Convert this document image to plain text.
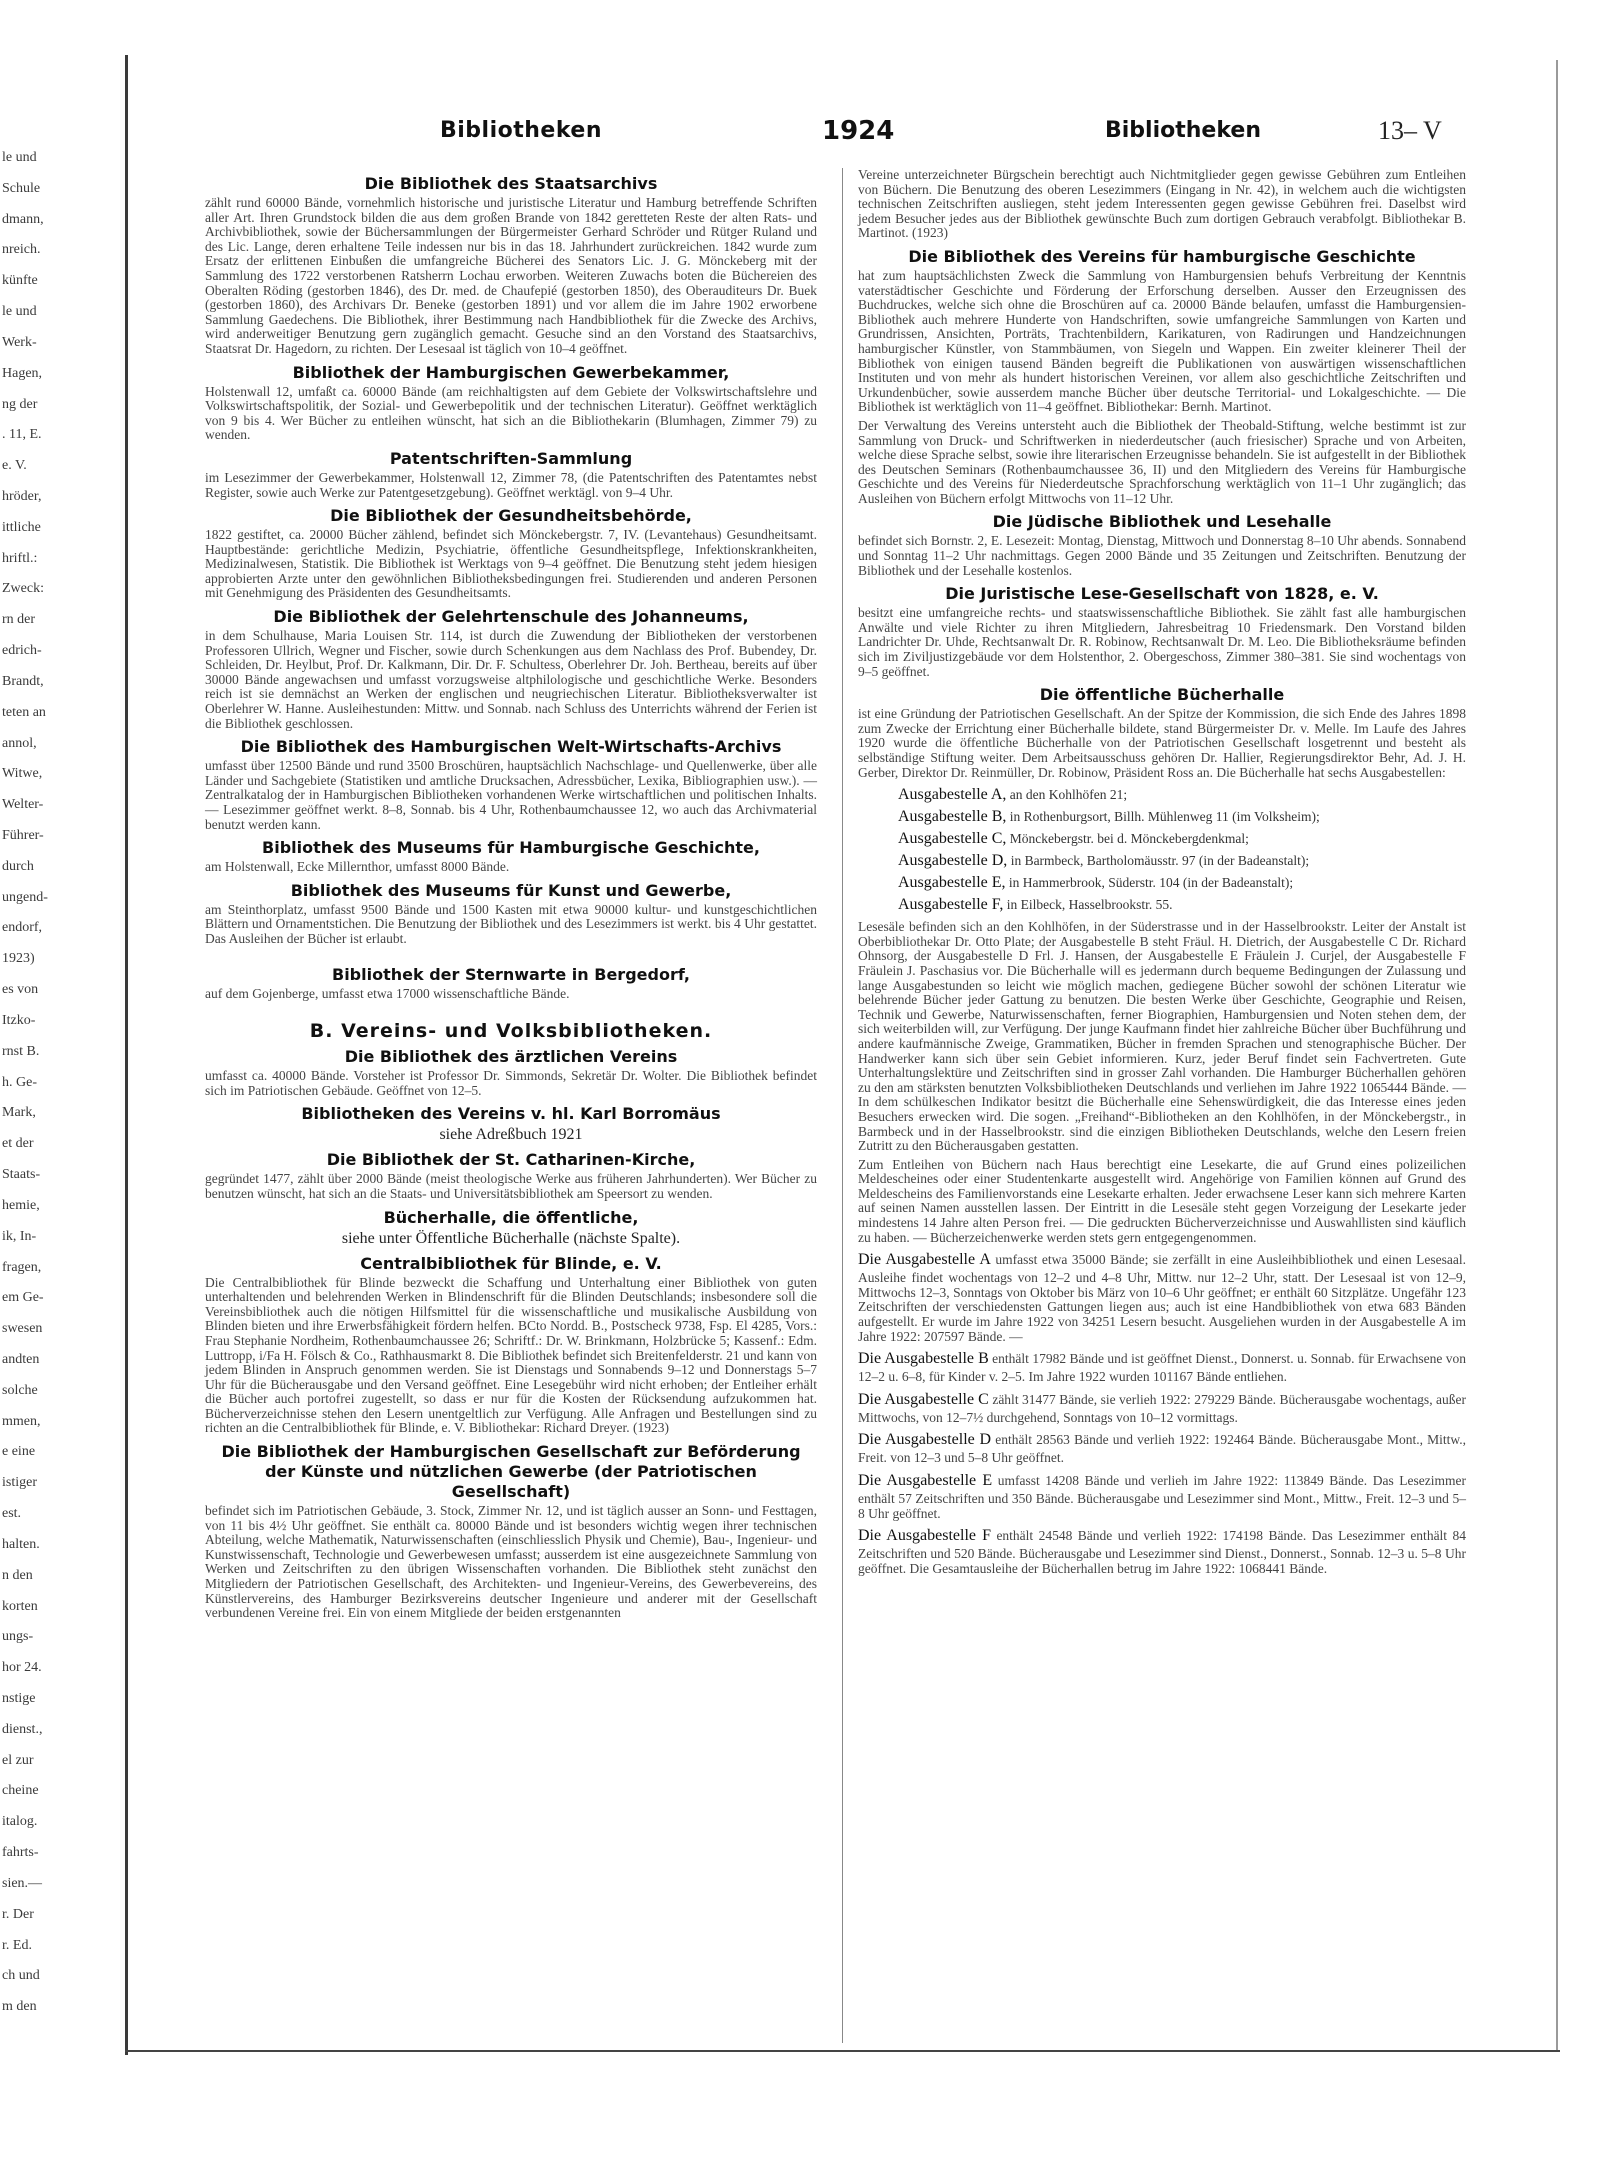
le und
Schule
dmann,
nreich.
künfte
le und
Werk-
Hagen,
ng der
. 11, E.
e. V.
hröder,
ittliche
hriftl.:
Zweck:
rn der
edrich-
Brandt,
teten an
annol,
Witwe,
Welter-
Führer-
durch
ungend-
endorf,
1923)
es von
Itzko-
rnst B.
h. Ge-
Mark,
et der
Staats-
hemie,
ik, In-
fragen,
em Ge-
swesen
andten
solche
mmen,
e eine
istiger
est.
halten.
n den
korten
ungs-
hor 24.
nstige
dienst.,
el zur
cheine
italog.
fahrts-
sien.—
r. Der
r. Ed.
ch und
m den
Bibliotheken	1924	Bibliotheken	13– V
Die Bibliothek des Staatsarchivs
zählt rund 60000 Bände, vornehmlich historische und juristische Literatur und Hamburg betreffende Schriften aller Art. Ihren Grundstock bilden die aus dem großen Brande von 1842 geretteten Reste der alten Rats- und Archivbibliothek, sowie der Büchersammlungen der Bürgermeister Gerhard Schröder und Rütger Ruland und des Lic. Lange, deren erhaltene Teile indessen nur bis in das 18. Jahrhundert zurückreichen. 1842 wurde zum Ersatz der erlittenen Einbußen die umfangreiche Bücherei des Senators Lic. J. G. Mönckeberg mit der Sammlung des 1722 verstorbenen Ratsherrn Lochau erworben. Weiteren Zuwachs boten die Büchereien des Oberalten Röding (gestorben 1846), des Dr. med. de Chaufepié (gestorben 1850), des Oberauditeurs Dr. Buek (gestorben 1860), des Archivars Dr. Beneke (gestorben 1891) und vor allem die im Jahre 1902 erworbene Sammlung Gaedechens. Die Bibliothek, ihrer Bestimmung nach Handbibliothek für die Zwecke des Archivs, wird anderweitiger Benutzung gern zugänglich gemacht. Gesuche sind an den Vorstand des Staatsarchivs, Staatsrat Dr. Hagedorn, zu richten. Der Lesesaal ist täglich von 10–4 geöffnet.
Bibliothek der Hamburgischen Gewerbekammer,
Holstenwall 12, umfaßt ca. 60000 Bände (am reichhaltigsten auf dem Gebiete der Volkswirtschaftslehre und Volkswirtschaftspolitik, der Sozial- und Gewerbepolitik und der technischen Literatur). Geöffnet werktäglich von 9 bis 4. Wer Bücher zu entleihen wünscht, hat sich an die Bibliothekarin (Blumhagen, Zimmer 79) zu wenden.
Patentschriften-Sammlung
im Lesezimmer der Gewerbekammer, Holstenwall 12, Zimmer 78, (die Patentschriften des Patentamtes nebst Register, sowie auch Werke zur Patentgesetzgebung). Geöffnet werktägl. von 9–4 Uhr.
Die Bibliothek der Gesundheitsbehörde,
1822 gestiftet, ca. 20000 Bücher zählend, befindet sich Mönckebergstr. 7, IV. (Levantehaus) Gesundheitsamt. Hauptbestände: gerichtliche Medizin, Psychiatrie, öffentliche Gesundheitspflege, Infektionskrankheiten, Medizinalwesen, Statistik. Die Bibliothek ist Werktags von 9–4 geöffnet. Die Benutzung steht jedem hiesigen approbierten Arzte unter den gewöhnlichen Bibliotheksbedingungen frei. Studierenden und anderen Personen mit Genehmigung des Präsidenten des Gesundheitsamts.
Die Bibliothek der Gelehrtenschule des Johanneums,
in dem Schulhause, Maria Louisen Str. 114, ist durch die Zuwendung der Bibliotheken der verstorbenen Professoren Ullrich, Wegner und Fischer, sowie durch Schenkungen aus dem Nachlass des Prof. Bubendey, Dr. Schleiden, Dr. Heylbut, Prof. Dr. Kalkmann, Dir. Dr. F. Schultess, Oberlehrer Dr. Joh. Bertheau, bereits auf über 30000 Bände angewachsen und umfasst vorzugsweise altphilologische und geschichtliche Werke. Besonders reich ist sie demnächst an Werken der englischen und neugriechischen Literatur. Bibliotheksverwalter ist Oberlehrer W. Hanne. Ausleihestunden: Mittw. und Sonnab. nach Schluss des Unterrichts während der Ferien ist die Bibliothek geschlossen.
Die Bibliothek des Hamburgischen Welt-Wirtschafts-Archivs
umfasst über 12500 Bände und rund 3500 Broschüren, hauptsächlich Nachschlage- und Quellenwerke, über alle Länder und Sachgebiete (Statistiken und amtliche Drucksachen, Adressbücher, Lexika, Bibliographien usw.). — Zentralkatalog der in Hamburgischen Bibliotheken vorhandenen Werke wirtschaftlichen und politischen Inhalts. — Lesezimmer geöffnet werkt. 8–8, Sonnab. bis 4 Uhr, Rothenbaumchaussee 12, wo auch das Archivmaterial benutzt werden kann.
Bibliothek des Museums für Hamburgische Geschichte,
am Holstenwall, Ecke Millernthor, umfasst 8000 Bände.
Bibliothek des Museums für Kunst und Gewerbe,
am Steinthorplatz, umfasst 9500 Bände und 1500 Kasten mit etwa 90000 kultur- und kunstgeschichtlichen Blättern und Ornamentstichen. Die Benutzung der Bibliothek und des Lesezimmers ist werkt. bis 4 Uhr gestattet. Das Ausleihen der Bücher ist erlaubt.
Bibliothek der Sternwarte in Bergedorf,
auf dem Gojenberge, umfasst etwa 17000 wissenschaftliche Bände.
B. Vereins- und Volksbibliotheken.
Die Bibliothek des ärztlichen Vereins
umfasst ca. 40000 Bände. Vorsteher ist Professor Dr. Simmonds, Sekretär Dr. Wolter. Die Bibliothek befindet sich im Patriotischen Gebäude. Geöffnet von 12–5.
Bibliotheken des Vereins v. hl. Karl Borromäus
siehe Adreßbuch 1921
Die Bibliothek der St. Catharinen-Kirche,
gegründet 1477, zählt über 2000 Bände (meist theologische Werke aus früheren Jahrhunderten). Wer Bücher zu benutzen wünscht, hat sich an die Staats- und Universitätsbibliothek am Speersort zu wenden.
Bücherhalle, die öffentliche,
siehe unter Öffentliche Bücherhalle (nächste Spalte).
Centralbibliothek für Blinde, e. V.
Die Centralbibliothek für Blinde bezweckt die Schaffung und Unterhaltung einer Bibliothek von guten unterhaltenden und belehrenden Werken in Blindenschrift für die Blinden Deutschlands; insbesondere soll die Vereinsbibliothek auch die nötigen Hilfsmittel für die wissenschaftliche und musikalische Ausbildung von Blinden bieten und ihre Erwerbsfähigkeit fördern helfen. BCto Nordd. B., Postscheck 9738, Fsp. El 4285, Vors.: Frau Stephanie Nordheim, Rothenbaumchaussee 26; Schriftf.: Dr. W. Brinkmann, Holzbrücke 5; Kassenf.: Edm. Luttropp, i/Fa H. Fölsch & Co., Rathhausmarkt 8. Die Bibliothek befindet sich Breitenfelderstr. 21 und kann von jedem Blinden in Anspruch genommen werden. Sie ist Dienstags und Sonnabends 9–12 und Donnerstags 5–7 Uhr für die Bücherausgabe und den Versand geöffnet. Eine Lesegebühr wird nicht erhoben; der Entleiher erhält die Bücher auch portofrei zugestellt, so dass er nur für die Kosten der Rücksendung aufzukommen hat. Bücherverzeichnisse stehen den Lesern unentgeltlich zur Verfügung. Alle Anfragen und Bestellungen sind zu richten an die Centralbibliothek für Blinde, e. V. Bibliothekar: Richard Dreyer. (1923)
Die Bibliothek der Hamburgischen Gesellschaft zur Beförderung der Künste und nützlichen Gewerbe (der Patriotischen Gesellschaft)
befindet sich im Patriotischen Gebäude, 3. Stock, Zimmer Nr. 12, und ist täglich ausser an Sonn- und Festtagen, von 11 bis 4½ Uhr geöffnet. Sie enthält ca. 80000 Bände und ist besonders wichtig wegen ihrer technischen Abteilung, welche Mathematik, Naturwissenschaften (einschliesslich Physik und Chemie), Bau-, Ingenieur- und Kunstwissenschaft, Technologie und Gewerbewesen umfasst; ausserdem ist eine ausgezeichnete Sammlung von Werken und Zeitschriften zu den übrigen Wissenschaften vorhanden. Die Bibliothek steht zunächst den Mitgliedern der Patriotischen Gesellschaft, des Architekten- und Ingenieur-Vereins, des Gewerbevereins, des Künstlervereins, des Hamburger Bezirksvereins deutscher Ingenieure und anderer mit der Gesellschaft verbundenen Vereine frei. Ein von einem Mitgliede der beiden erstgenannten
Vereine unterzeichneter Bürgschein berechtigt auch Nichtmitglieder gegen gewisse Gebühren zum Entleihen von Büchern. Die Benutzung des oberen Lesezimmers (Eingang in Nr. 42), in welchem auch die wichtigsten technischen Zeitschriften ausliegen, steht jedem Interessenten gegen gewisse Gebühren frei. Daselbst wird jedem Besucher jedes aus der Bibliothek gewünschte Buch zum dortigen Gebrauch verabfolgt. Bibliothekar B. Martinot. (1923)
Die Bibliothek des Vereins für hamburgische Geschichte
hat zum hauptsächlichsten Zweck die Sammlung von Hamburgensien behufs Verbreitung der Kenntnis vaterstädtischer Geschichte und Förderung der Erforschung derselben. Ausser den Erzeugnissen des Buchdruckes, welche sich ohne die Broschüren auf ca. 20000 Bände belaufen, umfasst die Hamburgensien-Bibliothek auch mehrere Hunderte von Handschriften, sowie umfangreiche Sammlungen von Karten und Grundrissen, Ansichten, Porträts, Trachtenbildern, Karikaturen, von Radirungen und Handzeichnungen hamburgischer Künstler, von Stammbäumen, von Siegeln und Wappen. Ein zweiter kleinerer Theil der Bibliothek von einigen tausend Bänden begreift die Publikationen von auswärtigen wissenschaftlichen Instituten und von mehr als hundert historischen Vereinen, vor allem also geschichtliche Zeitschriften und Urkundenbücher, sowie ausserdem manche Bücher über deutsche Territorial- und Lokalgeschichte. — Die Bibliothek ist werktäglich von 11–4 geöffnet. Bibliothekar: Bernh. Martinot.
Der Verwaltung des Vereins untersteht auch die Bibliothek der Theobald-Stiftung, welche bestimmt ist zur Sammlung von Druck- und Schriftwerken in niederdeutscher (auch friesischer) Sprache und von Arbeiten, welche diese Sprache selbst, sowie ihre literarischen Erzeugnisse behandeln. Sie ist aufgestellt in der Bibliothek des Deutschen Seminars (Rothenbaumchaussee 36, II) und den Mitgliedern des Vereins für Hamburgische Geschichte und des Vereins für Niederdeutsche Sprachforschung werktäglich von 11–1 Uhr zugänglich; das Ausleihen von Büchern erfolgt Mittwochs von 11–12 Uhr.
Die Jüdische Bibliothek und Lesehalle
befindet sich Bornstr. 2, E. Lesezeit: Montag, Dienstag, Mittwoch und Donnerstag 8–10 Uhr abends. Sonnabend und Sonntag 11–2 Uhr nachmittags. Gegen 2000 Bände und 35 Zeitungen und Zeitschriften. Benutzung der Bibliothek und der Lesehalle kostenlos.
Die Juristische Lese-Gesellschaft von 1828, e. V.
besitzt eine umfangreiche rechts- und staatswissenschaftliche Bibliothek. Sie zählt fast alle hamburgischen Anwälte und viele Richter zu ihren Mitgliedern, Jahresbeitrag 10 Friedensmark. Den Vorstand bilden Landrichter Dr. Uhde, Rechtsanwalt Dr. R. Robinow, Rechtsanwalt Dr. M. Leo. Die Bibliotheksräume befinden sich im Ziviljustizgebäude vor dem Holstenthor, 2. Obergeschoss, Zimmer 380–381. Sie sind wochentags von 9–5 geöffnet.
Die öffentliche Bücherhalle
ist eine Gründung der Patriotischen Gesellschaft. An der Spitze der Kommission, die sich Ende des Jahres 1898 zum Zwecke der Errichtung einer Bücherhalle bildete, stand Bürgermeister Dr. v. Melle. Im Laufe des Jahres 1920 wurde die öffentliche Bücherhalle von der Patriotischen Gesellschaft losgetrennt und besteht als selbständige Stiftung weiter. Dem Arbeitsausschuss gehören Dr. Hallier, Regierungsdirektor Behr, Ad. J. H. Gerber, Direktor Dr. Reinmüller, Dr. Robinow, Präsident Ross an. Die Bücherhalle hat sechs Ausgabestellen:
Ausgabestelle A, an den Kohlhöfen 21;
Ausgabestelle B, in Rothenburgsort, Billh. Mühlenweg 11 (im Volksheim);
Ausgabestelle C, Mönckebergstr. bei d. Mönckebergdenkmal;
Ausgabestelle D, in Barmbeck, Bartholomäusstr. 97 (in der Badeanstalt);
Ausgabestelle E, in Hammerbrook, Süderstr. 104 (in der Badeanstalt);
Ausgabestelle F, in Eilbeck, Hasselbrookstr. 55.
Lesesäle befinden sich an den Kohlhöfen, in der Süderstrasse und in der Hasselbrookstr. Leiter der Anstalt ist Oberbibliothekar Dr. Otto Plate; der Ausgabestelle B steht Fräul. H. Dietrich, der Ausgabestelle C Dr. Richard Ohnsorg, der Ausgabestelle D Frl. J. Hansen, der Ausgabestelle E Fräulein J. Curjel, der Ausgabestelle F Fräulein J. Paschasius vor. Die Bücherhalle will es jedermann durch bequeme Bedingungen der Zulassung und lange Ausgabestunden so leicht wie möglich machen, gediegene Bücher sowohl der schönen Literatur wie belehrende Bücher jeder Gattung zu benutzen. Die besten Werke über Geschichte, Geographie und Reisen, Technik und Gewerbe, Naturwissenschaften, ferner Biographien, Hamburgensien und Noten stehen dem, der sich weiterbilden will, zur Verfügung. Der junge Kaufmann findet hier zahlreiche Bücher über Buchführung und andere kaufmännische Zweige, Grammatiken, Bücher in fremden Sprachen und stenographische Bücher. Der Handwerker kann sich über sein Gebiet informieren. Kurz, jeder Beruf findet sein Fachvertreten. Gute Unterhaltungslektüre und Zeitschriften sind in grosser Zahl vorhanden. Die Hamburger Bücherhallen gehören zu den am stärksten benutzten Volksbibliotheken Deutschlands und verliehen im Jahre 1922 1065444 Bände. — In dem schülkeschen Indikator besitzt die Bücherhalle eine Sehenswürdigkeit, die das Interesse eines jeden Besuchers erwecken wird. Die sogen. „Freihand“-Bibliotheken an den Kohlhöfen, in der Mönckebergstr., in Barmbeck und in der Hasselbrookstr. sind die einzigen Bibliotheken Deutschlands, welche den Lesern freien Zutritt zu den Bücherausgaben gestatten.
Zum Entleihen von Büchern nach Haus berechtigt eine Lesekarte, die auf Grund eines polizeilichen Meldescheines oder einer Studentenkarte ausgestellt wird. Angehörige von Familien können auf Grund des Meldescheins des Familienvorstands eine Lesekarte erhalten. Jeder erwachsene Leser kann sich mehrere Karten auf seinen Namen ausstellen lassen. Der Eintritt in die Lesesäle steht gegen Vorzeigung der Lesekarte jeder mindestens 14 Jahre alten Person frei. — Die gedruckten Bücherverzeichnisse und Auswahllisten sind käuflich zu haben. — Bücherzeichenwerke werden stets gern entgegengenommen.
Die Ausgabestelle A umfasst etwa 35000 Bände; sie zerfällt in eine Ausleihbibliothek und einen Lesesaal. Ausleihe findet wochentags von 12–2 und 4–8 Uhr, Mittw. nur 12–2 Uhr, statt. Der Lesesaal ist von 12–9, Mittwochs 12–3, Sonntags von Oktober bis März von 10–6 Uhr geöffnet; er enthält 60 Sitzplätze. Ungefähr 123 Zeitschriften der verschiedensten Gattungen liegen aus; auch ist eine Handbibliothek von etwa 683 Bänden aufgestellt. Er wurde im Jahre 1922 von 34251 Lesern besucht. Ausgeliehen wurden in der Ausgabestelle A im Jahre 1922: 207597 Bände. —
Die Ausgabestelle B enthält 17982 Bände und ist geöffnet Dienst., Donnerst. u. Sonnab. für Erwachsene von 12–2 u. 6–8, für Kinder v. 2–5. Im Jahre 1922 wurden 101167 Bände entliehen.
Die Ausgabestelle C zählt 31477 Bände, sie verlieh 1922: 279229 Bände. Bücherausgabe wochentags, außer Mittwochs, von 12–7½ durchgehend, Sonntags von 10–12 vormittags.
Die Ausgabestelle D enthält 28563 Bände und verlieh 1922: 192464 Bände. Bücherausgabe Mont., Mittw., Freit. von 12–3 und 5–8 Uhr geöffnet.
Die Ausgabestelle E umfasst 14208 Bände und verlieh im Jahre 1922: 113849 Bände. Das Lesezimmer enthält 57 Zeitschriften und 350 Bände. Bücherausgabe und Lesezimmer sind Mont., Mittw., Freit. 12–3 und 5–8 Uhr geöffnet.
Die Ausgabestelle F enthält 24548 Bände und verlieh 1922: 174198 Bände. Das Lesezimmer enthält 84 Zeitschriften und 520 Bände. Bücherausgabe und Lesezimmer sind Dienst., Donnerst., Sonnab. 12–3 u. 5–8 Uhr geöffnet. Die Gesamtausleihe der Bücherhallen betrug im Jahre 1922: 1068441 Bände.
